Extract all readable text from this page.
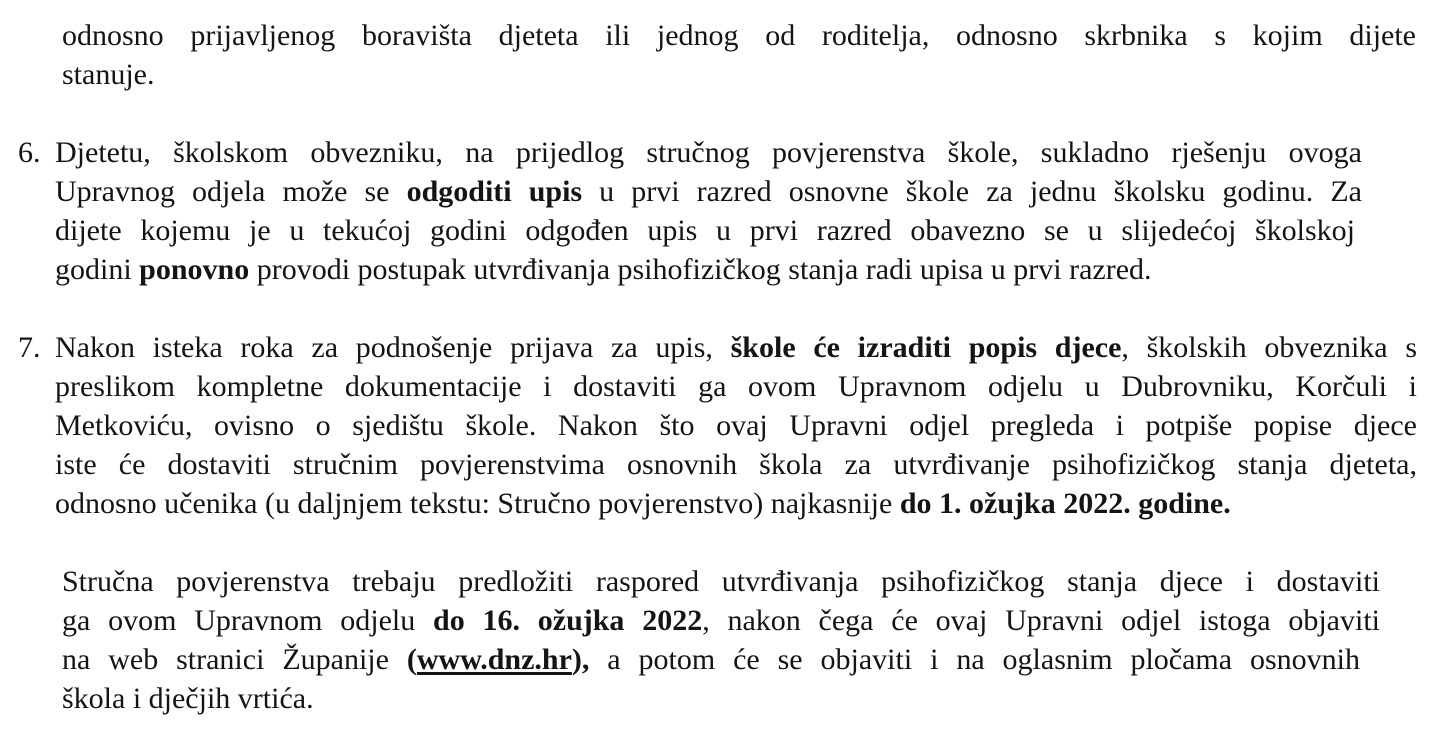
odnosno prijavljenog boravišta djeteta ili jednog od roditelja, odnosno skrbnika s kojim dijete

stanuje.

6. Djetetu, školskom obvezniku, na prijedlog stručnog povjerenstva škole, sukladno rješenju ovoga

Upravnog odjela može se odgoditi upis u prvi razred osnovne škole za jednu školsku godinu. Za

dijete kojemu je u tekućoj godini odgođen upis u prvi razred obavezno se u slijedećoj školskoj

godini ponovno provodi postupak utvrđivanja psihofizičkog stanja radi upisa u prvi razred.

7. Nakon isteka roka za podnošenje prijava za upis, škole će izraditi popis djece, školskih obveznika s

preslikom kompletne dokumentacije i dostaviti ga ovom Upravnom odjelu u Dubrovniku, Korčuli i

Metkoviću, ovisno o sjedištu škole. Nakon što ovaj Upravni odjel pregleda i potpiše popise djece

iste će dostaviti stručnim povjerenstvima osnovnih škola za utvrđivanje psihofizičkog stanja djeteta,

odnosno učenika (u daljnjem tekstu: Stručno povjerenstvo) najkasnije do 1. ožujka 2022. godine.

Stručna povjerenstva trebaju predložiti raspored utvrđivanja psihofizičkog stanja djece i dostaviti

ga ovom Upravnom odjelu do 16. ožujka 2022, nakon čega će ovaj Upravni odjel istoga objaviti

na web stranici Županije (www.dnz.hr), a potom će se objaviti i na oglasnim pločama osnovnih

škola i dječjih vrtića.
